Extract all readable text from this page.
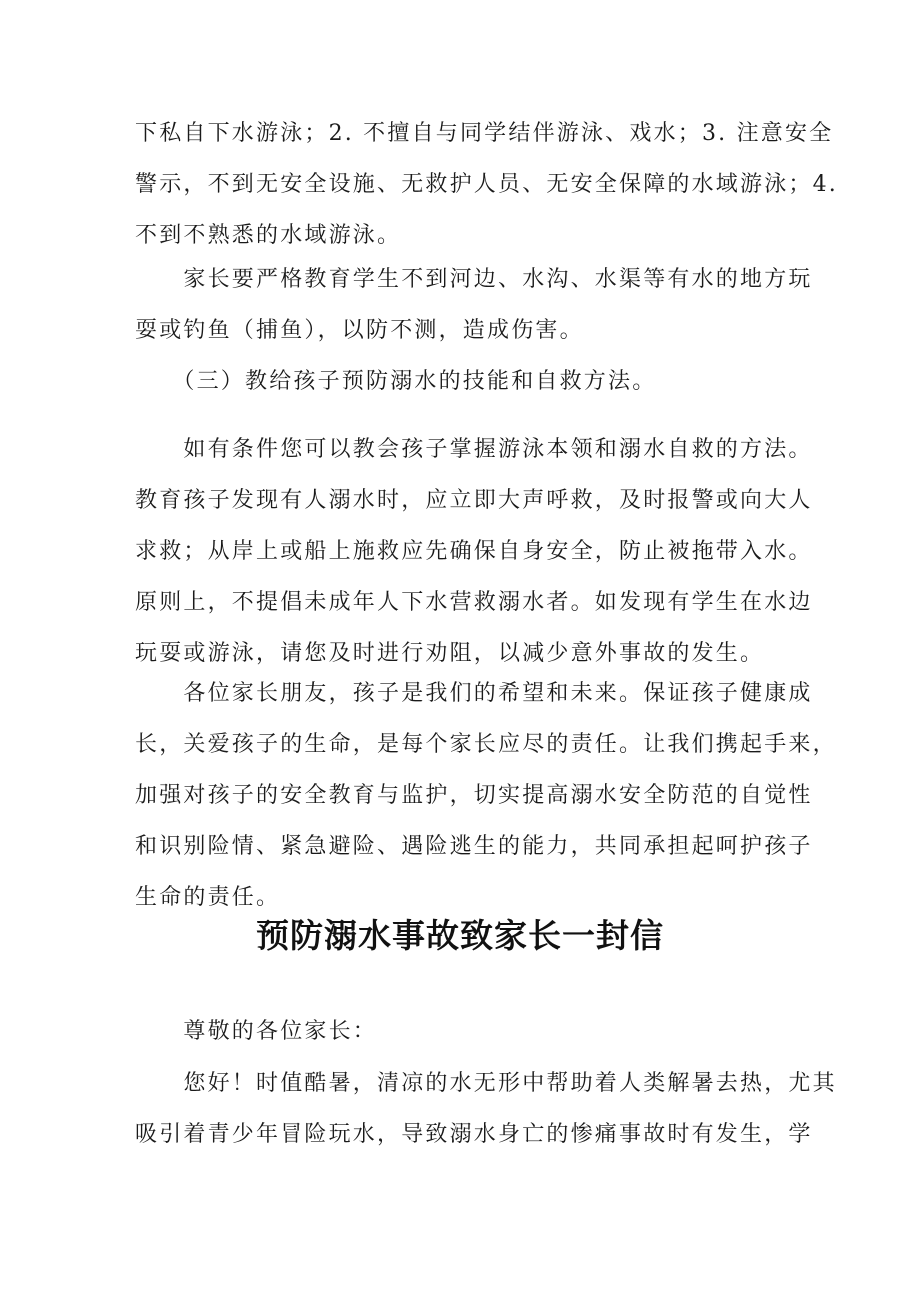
下私自下水游泳；2. 不擅自与同学结伴游泳、戏水；3. 注意安全
警示，不到无安全设施、无救护人员、无安全保障的水域游泳；4.
不到不熟悉的水域游泳。

　　家长要严格教育学生不到河边、水沟、水渠等有水的地方玩
耍或钓鱼（捕鱼），以防不测，造成伤害。

　　（三）教给孩子预防溺水的技能和自救方法。

　　如有条件您可以教会孩子掌握游泳本领和溺水自救的方法。
教育孩子发现有人溺水时，应立即大声呼救，及时报警或向大人
求救；从岸上或船上施救应先确保自身安全，防止被拖带入水。
原则上，不提倡未成年人下水营救溺水者。如发现有学生在水边
玩耍或游泳，请您及时进行劝阻，以减少意外事故的发生。

　　各位家长朋友，孩子是我们的希望和未来。保证孩子健康成
长，关爱孩子的生命，是每个家长应尽的责任。让我们携起手来，
加强对孩子的安全教育与监护，切实提高溺水安全防范的自觉性
和识别险情、紧急避险、遇险逃生的能力，共同承担起呵护孩子
生命的责任。

预防溺水事故致家长一封信

　　尊敬的各位家长：

　　您好！时值酷暑，清凉的水无形中帮助着人类解暑去热，尤其
吸引着青少年冒险玩水，导致溺水身亡的惨痛事故时有发生，学
